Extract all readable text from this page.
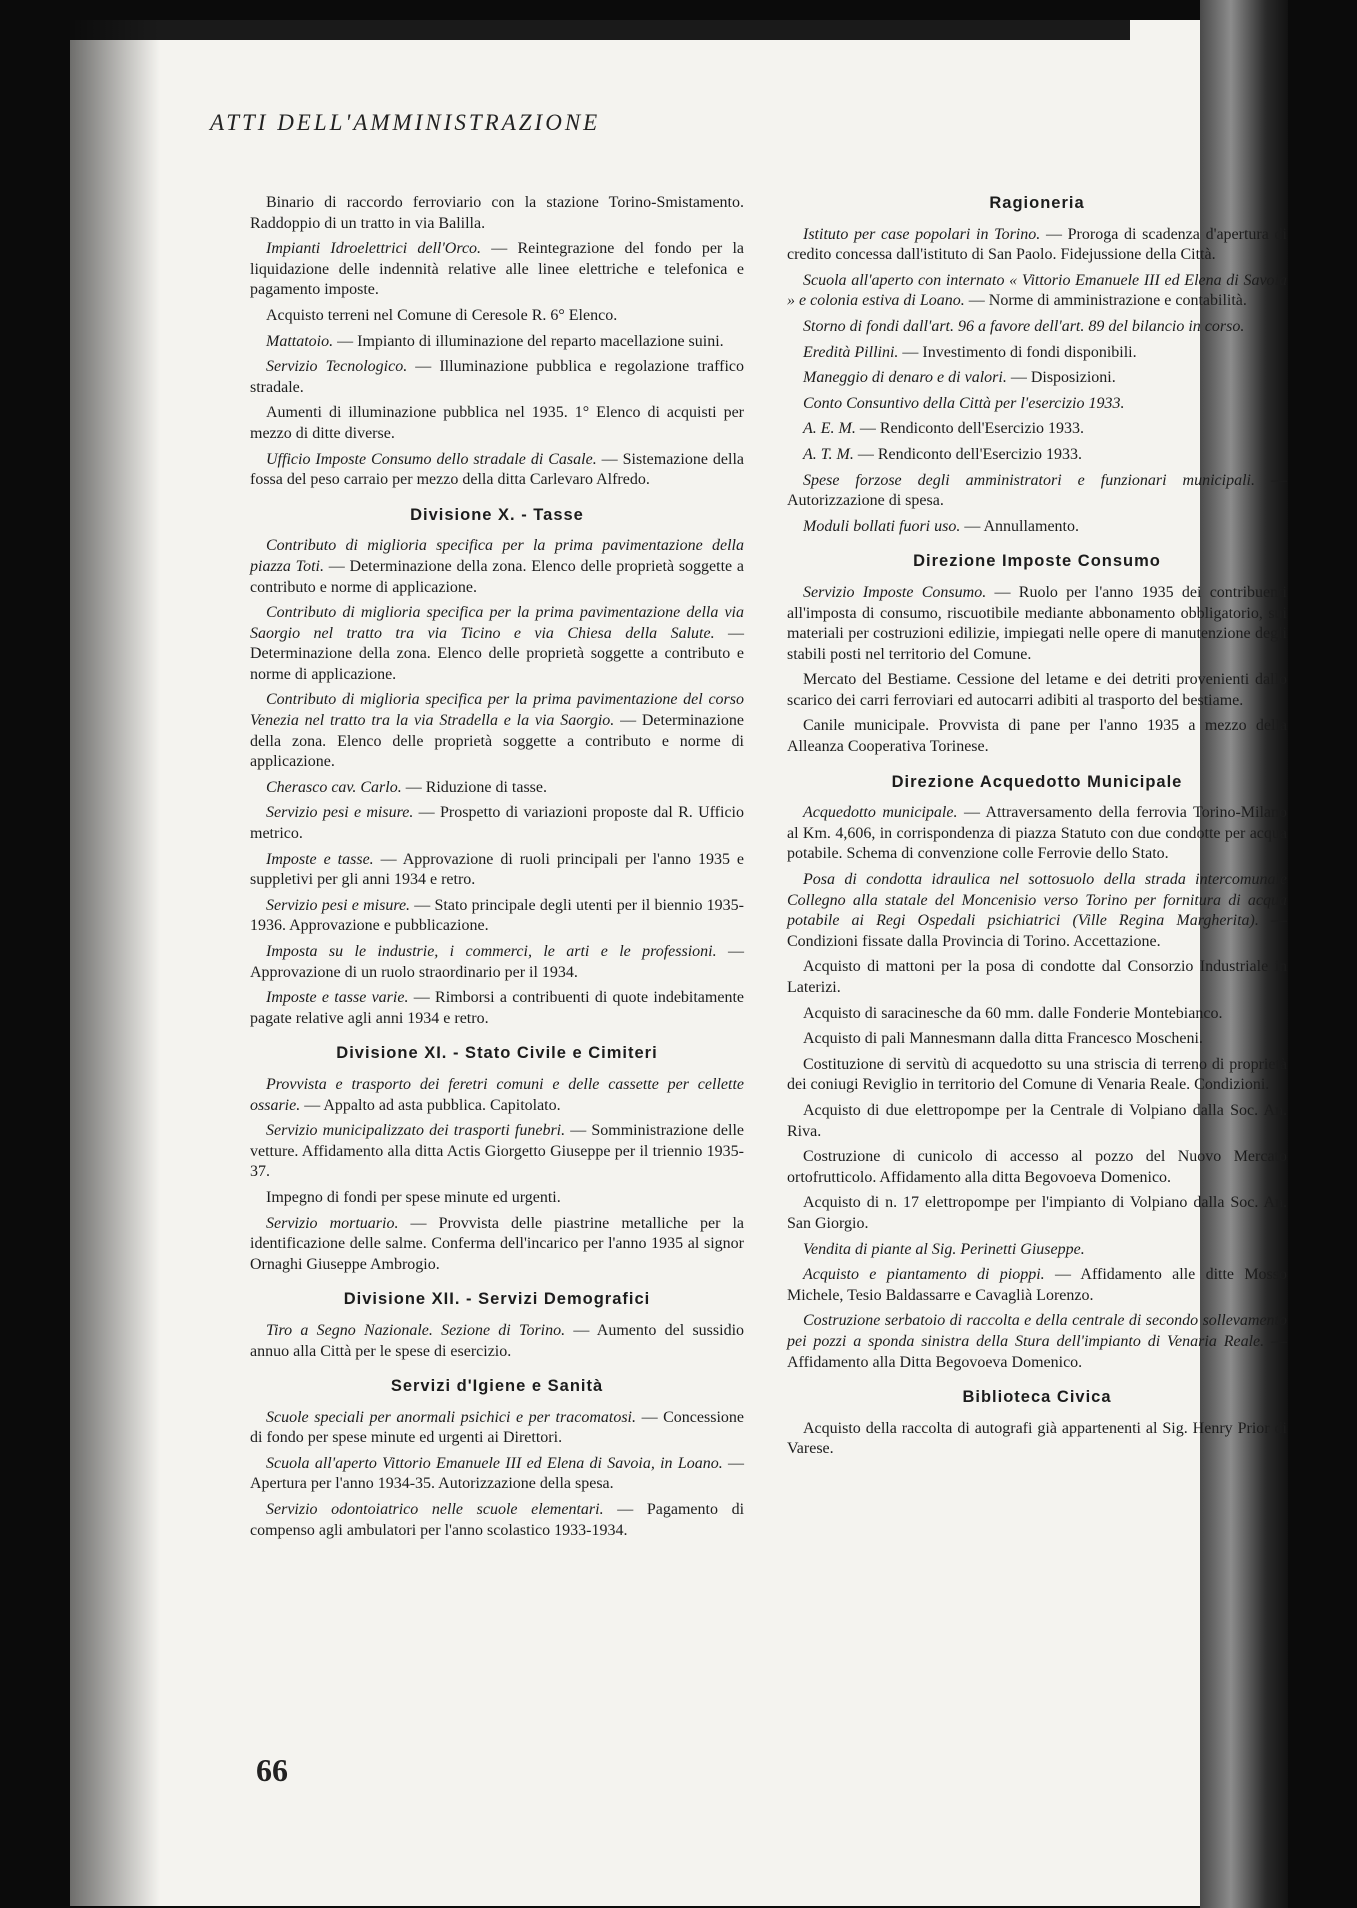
ATTI DELL'AMMINISTRAZIONE

Binario di raccordo ferroviario con la stazione Torino-Smistamento. Raddoppio di un tratto in via Balilla.

Impianti Idroelettrici dell'Orco. — Reintegrazione del fondo per la liquidazione delle indennità relative alle linee elettriche e telefonica e pagamento imposte.

Acquisto terreni nel Comune di Ceresole R. 6° Elenco.

Mattatoio. — Impianto di illuminazione del reparto macellazione suini.

Servizio Tecnologico. — Illuminazione pubblica e regolazione traffico stradale.

Aumenti di illuminazione pubblica nel 1935. 1° Elenco di acquisti per mezzo di ditte diverse.

Ufficio Imposte Consumo dello stradale di Casale. — Sistemazione della fossa del peso carraio per mezzo della ditta Carlevaro Alfredo.

Divisione X. - Tasse

Contributo di miglioria specifica per la prima pavimentazione della piazza Toti. — Determinazione della zona. Elenco delle proprietà soggette a contributo e norme di applicazione.

Contributo di miglioria specifica per la prima pavimentazione della via Saorgio nel tratto tra via Ticino e via Chiesa della Salute. — Determinazione della zona. Elenco delle proprietà soggette a contributo e norme di applicazione.

Contributo di miglioria specifica per la prima pavimentazione del corso Venezia nel tratto tra la via Stradella e la via Saorgio. — Determinazione della zona. Elenco delle proprietà soggette a contributo e norme di applicazione.

Cherasco cav. Carlo. — Riduzione di tasse.

Servizio pesi e misure. — Prospetto di variazioni proposte dal R. Ufficio metrico.

Imposte e tasse. — Approvazione di ruoli principali per l'anno 1935 e suppletivi per gli anni 1934 e retro.

Servizio pesi e misure. — Stato principale degli utenti per il biennio 1935-1936. Approvazione e pubblicazione.

Imposta su le industrie, i commerci, le arti e le professioni. — Approvazione di un ruolo straordinario per il 1934.

Imposte e tasse varie. — Rimborsi a contribuenti di quote indebitamente pagate relative agli anni 1934 e retro.

Divisione XI. - Stato Civile e Cimiteri

Provvista e trasporto dei feretri comuni e delle cassette per cellette ossarie. — Appalto ad asta pubblica. Capitolato.

Servizio municipalizzato dei trasporti funebri. — Somministrazione delle vetture. Affidamento alla ditta Actis Giorgetto Giuseppe per il triennio 1935-37.

Impegno di fondi per spese minute ed urgenti.

Servizio mortuario. — Provvista delle piastrine metalliche per la identificazione delle salme. Conferma dell'incarico per l'anno 1935 al signor Ornaghi Giuseppe Ambrogio.

Divisione XII. - Servizi Demografici

Tiro a Segno Nazionale. Sezione di Torino. — Aumento del sussidio annuo alla Città per le spese di esercizio.

Servizi d'Igiene e Sanità

Scuole speciali per anormali psichici e per tracomatosi. — Concessione di fondo per spese minute ed urgenti ai Direttori.

Scuola all'aperto Vittorio Emanuele III ed Elena di Savoia, in Loano. — Apertura per l'anno 1934-35. Autorizzazione della spesa.

Servizio odontoiatrico nelle scuole elementari. — Pagamento di compenso agli ambulatori per l'anno scolastico 1933-1934.

Ragioneria

Istituto per case popolari in Torino. — Proroga di scadenza d'apertura di credito concessa dall'istituto di San Paolo. Fidejussione della Città.

Scuola all'aperto con internato « Vittorio Emanuele III ed Elena di Savoia » e colonia estiva di Loano. — Norme di amministrazione e contabilità.

Storno di fondi dall'art. 96 a favore dell'art. 89 del bilancio in corso.

Eredità Pillini. — Investimento di fondi disponibili.

Maneggio di denaro e di valori. — Disposizioni.

Conto Consuntivo della Città per l'esercizio 1933.

A. E. M. — Rendiconto dell'Esercizio 1933.

A. T. M. — Rendiconto dell'Esercizio 1933.

Spese forzose degli amministratori e funzionari municipali. — Autorizzazione di spesa.

Moduli bollati fuori uso. — Annullamento.

Direzione Imposte Consumo

Servizio Imposte Consumo. — Ruolo per l'anno 1935 dei contribuenti all'imposta di consumo, riscuotibile mediante abbonamento obbligatorio, sui materiali per costruzioni edilizie, impiegati nelle opere di manutenzione degli stabili posti nel territorio del Comune.

Mercato del Bestiame. Cessione del letame e dei detriti provenienti dallo scarico dei carri ferroviari ed autocarri adibiti al trasporto del bestiame.

Canile municipale. Provvista di pane per l'anno 1935 a mezzo della Alleanza Cooperativa Torinese.

Direzione Acquedotto Municipale

Acquedotto municipale. — Attraversamento della ferrovia Torino-Milano al Km. 4,606, in corrispondenza di piazza Statuto con due condotte per acqua potabile. Schema di convenzione colle Ferrovie dello Stato.

Posa di condotta idraulica nel sottosuolo della strada intercomunale Collegno alla statale del Moncenisio verso Torino per fornitura di acqua potabile ai Regi Ospedali psichiatrici (Ville Regina Margherita). — Condizioni fissate dalla Provincia di Torino. Accettazione.

Acquisto di mattoni per la posa di condotte dal Consorzio Industriale in Laterizi.

Acquisto di saracinesche da 60 mm. dalle Fonderie Montebianco.

Acquisto di pali Mannesmann dalla ditta Francesco Moscheni.

Costituzione di servitù di acquedotto su una striscia di terreno di proprietà dei coniugi Reviglio in territorio del Comune di Venaria Reale. Condizioni.

Acquisto di due elettropompe per la Centrale di Volpiano dalla Soc. An. Riva.

Costruzione di cunicolo di accesso al pozzo del Nuovo Mercato ortofrutticolo. Affidamento alla ditta Begovoeva Domenico.

Acquisto di n. 17 elettropompe per l'impianto di Volpiano dalla Soc. An. San Giorgio.

Vendita di piante al Sig. Perinetti Giuseppe.

Acquisto e piantamento di pioppi. — Affidamento alle ditte Mosso Michele, Tesio Baldassarre e Cavaglià Lorenzo.

Costruzione serbatoio di raccolta e della centrale di secondo sollevamento pei pozzi a sponda sinistra della Stura dell'impianto di Venaria Reale. — Affidamento alla Ditta Begovoeva Domenico.

Biblioteca Civica

Acquisto della raccolta di autografi già appartenenti al Sig. Henry Prior di Varese.

66
